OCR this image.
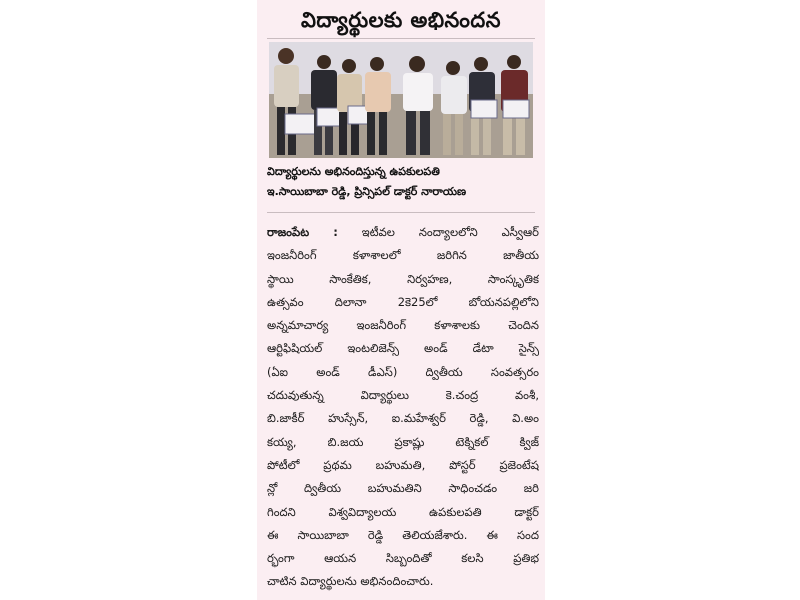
విద్యార్థులకు అభినందన
విద్యార్థులను అభినందిస్తున్న ఉపకులపతి
ఇ.సాయిబాబా రెడ్డి, ప్రిన్సిపల్ డాక్టర్ నారాయణ
రాజంపేట : ఇటీవల నంద్యాలలోని ఎస్వీఆర్
ఇంజనీరింగ్ కళాశాలలో జరిగిన జాతీయ
స్థాయి సాంకేతిక, నిర్వహణ, సాంస్కృతిక
ఉత్సవం దిలానా 2కె25లో బోయనపల్లిలోని
అన్నమాచార్య ఇంజనీరింగ్ కళాశాలకు చెందిన
ఆర్టిఫిషియల్ ఇంటలిజెన్స్ అండ్ డేటా సైన్స్
(ఏఐ అండ్ డీఎస్) ద్వితీయ సంవత్సరం
చదువుతున్న విద్యార్థులు కె.చంద్ర వంశీ,
బి.జాకీర్ హుస్సేన్, ఐ.మహేశ్వర్ రెడ్డి, వి.అం
కయ్య, బి.జయ ప్రకాష్లు టెక్నికల్ క్విజ్
పోటీలో ప్రథమ బహుమతి, పోస్టర్ ప్రజెంటేష
న్లో ద్వితీయ బహుమతిని సాధించడం జరి
గిందని విశ్వవిద్యాలయ ఉపకులపతి డాక్టర్
ఈ సాయిబాబా రెడ్డి తెలియజేశారు. ఈ సంద
ర్భంగా ఆయన సిబ్బందితో కలసి ప్రతిభ
చాటిన విద్యార్థులను అభినందించారు.
